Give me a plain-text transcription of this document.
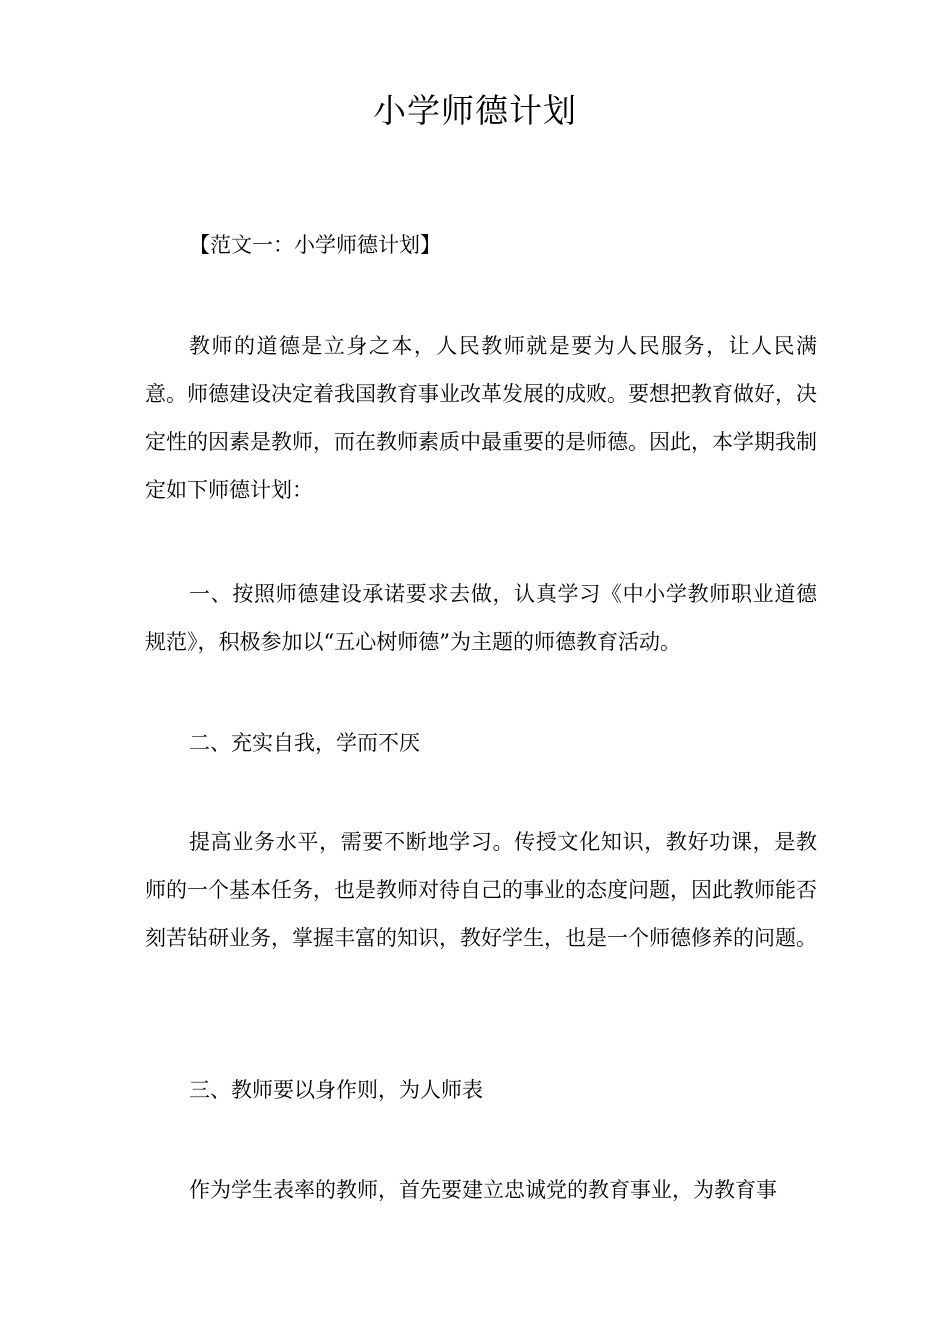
小学师德计划

【范文一：小学师德计划】

教师的道德是立身之本，人民教师就是要为人民服务，让人民满意。师德建设决定着我国教育事业改革发展的成败。要想把教育做好，决定性的因素是教师，而在教师素质中最重要的是师德。因此，本学期我制定如下师德计划：

一、按照师德建设承诺要求去做，认真学习《中小学教师职业道德规范》，积极参加以“五心树师德”为主题的师德教育活动。

二、充实自我，学而不厌

提高业务水平，需要不断地学习。传授文化知识，教好功课，是教师的一个基本任务，也是教师对待自己的事业的态度问题，因此教师能否刻苦钻研业务，掌握丰富的知识，教好学生，也是一个师德修养的问题。

三、教师要以身作则，为人师表

作为学生表率的教师，首先要建立忠诚党的教育事业，为教育事
